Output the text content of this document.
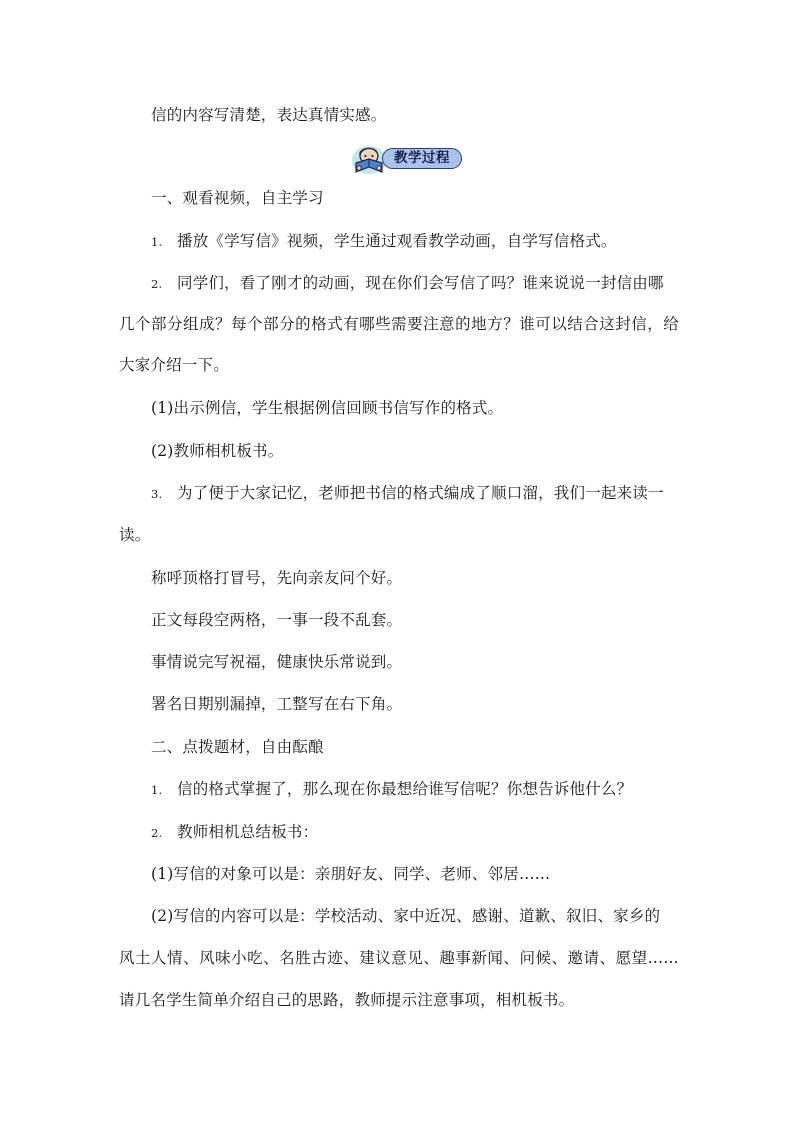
信的内容写清楚，表达真情实感。
教学过程
一、观看视频，自主学习
1. 播放《学写信》视频，学生通过观看教学动画，自学写信格式。
2. 同学们，看了刚才的动画，现在你们会写信了吗？谁来说说一封信由哪
几个部分组成？每个部分的格式有哪些需要注意的地方？谁可以结合这封信，给
大家介绍一下。
(1)出示例信，学生根据例信回顾书信写作的格式。
(2)教师相机板书。
3. 为了便于大家记忆，老师把书信的格式编成了顺口溜，我们一起来读一
读。
称呼顶格打冒号，先向亲友问个好。
正文每段空两格，一事一段不乱套。
事情说完写祝福，健康快乐常说到。
署名日期别漏掉，工整写在右下角。
二、点拨题材，自由酝酿
1. 信的格式掌握了，那么现在你最想给谁写信呢？你想告诉他什么？
2. 教师相机总结板书：
(1)写信的对象可以是：亲朋好友、同学、老师、邻居……
(2)写信的内容可以是：学校活动、家中近况、感谢、道歉、叙旧、家乡的
风土人情、风味小吃、名胜古迹、建议意见、趣事新闻、问候、邀请、愿望……
请几名学生简单介绍自己的思路，教师提示注意事项，相机板书。
